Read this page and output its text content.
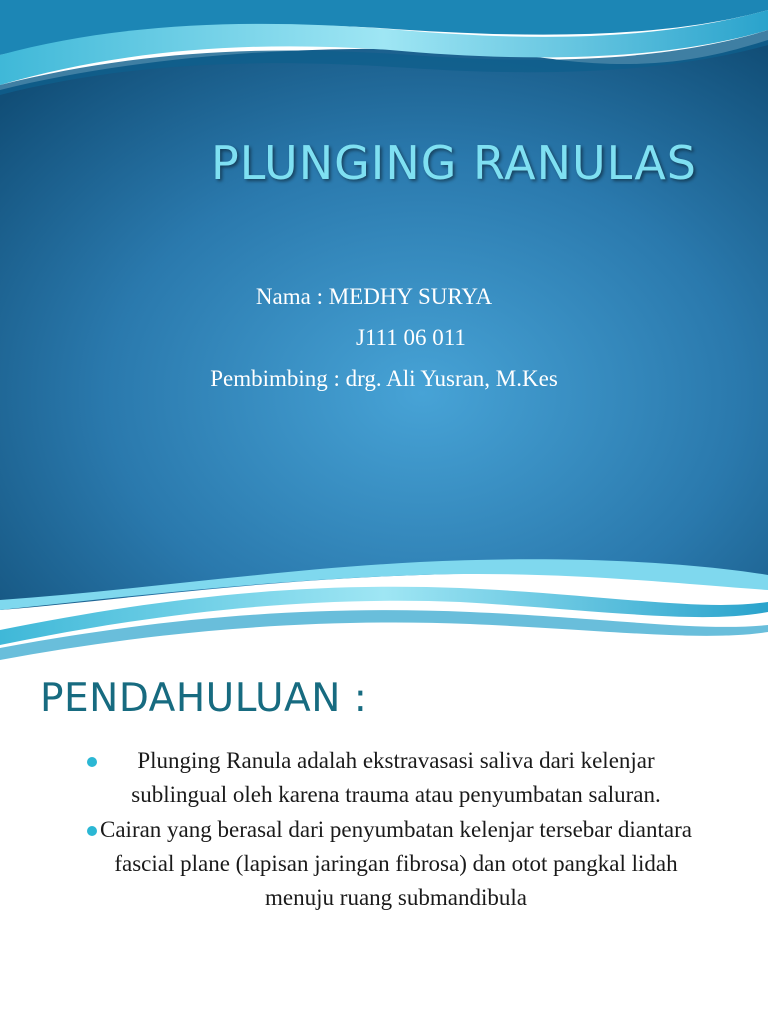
PLUNGING RANULAS
Nama : MEDHY SURYA
J111 06 011
Pembimbing : drg. Ali Yusran, M.Kes
PENDAHULUAN :
Plunging Ranula adalah ekstravasasi saliva dari kelenjar sublingual oleh karena trauma atau penyumbatan saluran.
Cairan yang berasal dari penyumbatan kelenjar tersebar diantara fascial plane (lapisan jaringan fibrosa) dan otot pangkal lidah menuju ruang submandibula
